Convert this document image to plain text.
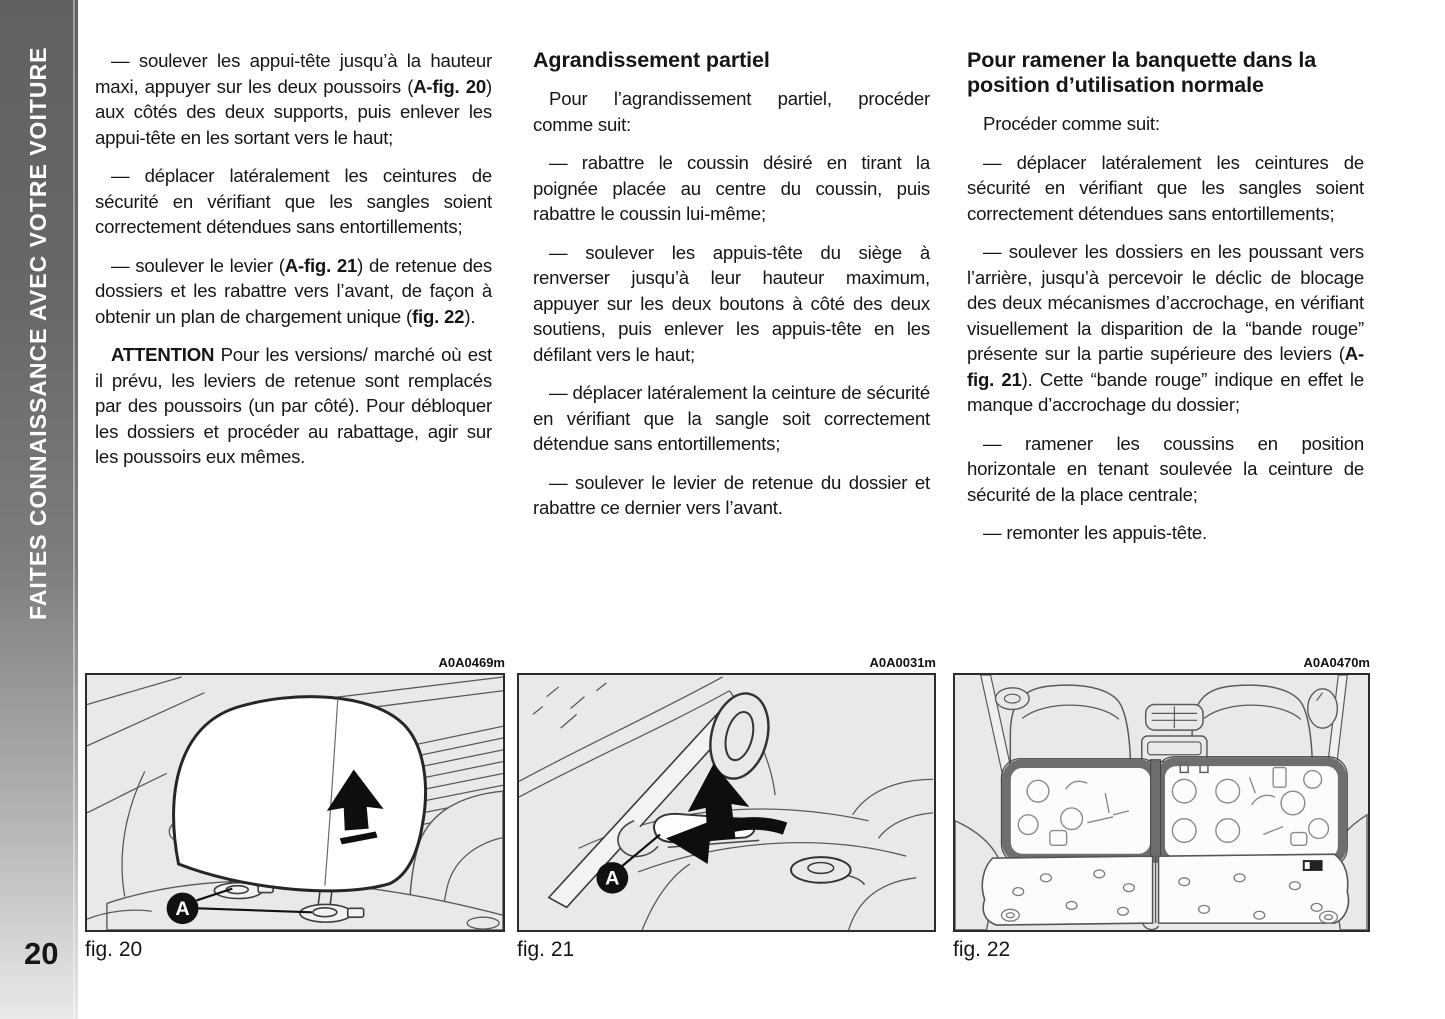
FAITES CONNAISSANCE AVEC VOTRE VOITURE
20

— soulever les appui-tête jusqu’à la hauteur maxi, appuyer sur les deux poussoirs (A-fig. 20) aux côtés des deux supports, puis enlever les appui-tête en les sortant vers le haut;

— déplacer latéralement les ceintures de sécurité en vérifiant que les sangles soient correctement détendues sans entortillements;

— soulever le levier (A-fig. 21) de retenue des dossiers et les rabattre vers l’avant, de façon à obtenir un plan de chargement unique (fig. 22).

ATTENTION Pour les versions/ marché où est il prévu, les leviers de retenue sont remplacés par des poussoirs (un par côté). Pour débloquer les dossiers et procéder au rabattage, agir sur les poussoirs eux mêmes.

Agrandissement partiel

Pour l’agrandissement partiel, procéder comme suit:

— rabattre le coussin désiré en tirant la poignée placée au centre du coussin, puis rabattre le coussin lui-même;

— soulever les appuis-tête du siège à renverser jusqu’à leur hauteur maximum, appuyer sur les deux boutons à côté des deux soutiens, puis enlever les appuis-tête en les défilant vers le haut;

— déplacer latéralement la ceinture de sécurité en vérifiant que la sangle soit correctement détendue sans entortillements;

— soulever le levier de retenue du dossier et rabattre ce dernier vers l’avant.

Pour ramener la banquette dans la position d’utilisation normale

Procéder comme suit:

— déplacer latéralement les ceintures de sécurité en vérifiant que les sangles soient correctement détendues sans entortillements;

— soulever les dossiers en les poussant vers l’arrière, jusqu’à percevoir le déclic de blocage des deux mécanismes d’accrochage, en vérifiant visuellement la disparition de la “bande rouge” présente sur la partie supérieure des leviers (A-fig. 21). Cette “bande rouge” indique en effet le manque d’accrochage du dossier;

— ramener les coussins en position horizontale en tenant soulevée la ceinture de sécurité de la place centrale;

— remonter les appuis-tête.

A0A0469m
A
fig. 20
A0A0031m
A
fig. 21
A0A0470m
fig. 22
